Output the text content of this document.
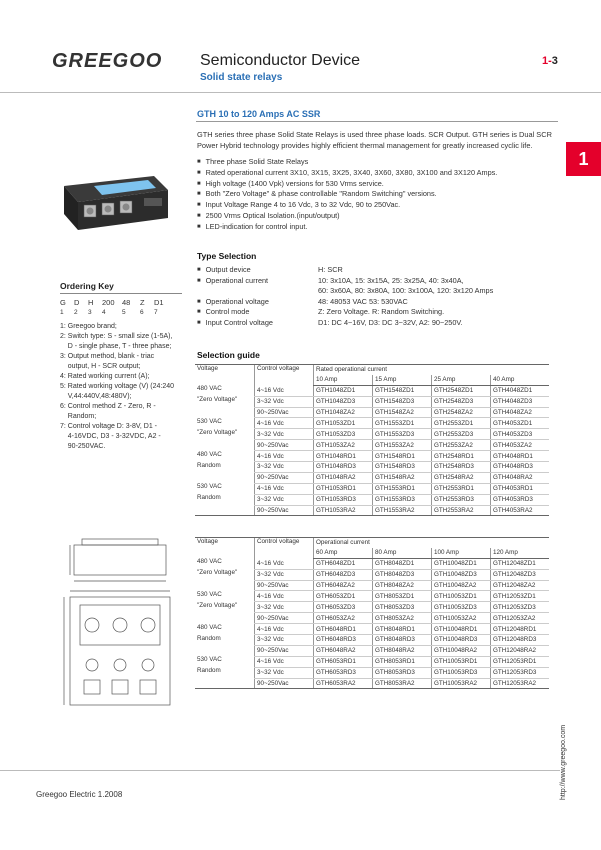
GREEGOO Semiconductor Device
Solid state relays
1-3
1
GTH 10 to 120 Amps AC SSR
GTH series three phase Solid State Relays is used three phase loads. SCR Output. GTH series is Dual SCR Power Hybrid technology provides highly efficient thermal management for greatly increased cyclic life.
■ Three phase Solid State Relays
■ Rated operational current 3X10, 3X15, 3X25, 3X40, 3X60, 3X80, 3X100 and 3X120 Amps.
■ High voltage (1400 Vpk) versions for 530 Vrms service.
■ Both "Zero Voltage" & phase controllable "Random Switching" versions.
■ Input Voltage Range 4 to 16 Vdc, 3 to 32 Vdc, 90 to 250Vac.
■ 2500 Vrms Optical Isolation.(input/output)
■ LED-indication for control input.
Type Selection
■ Output device	H: SCR
■ Operational current	10: 3x10A, 15: 3x15A, 25: 3x25A, 40: 3x40A,
60: 3x60A, 80: 3x80A, 100: 3x100A, 120: 3x120 Amps
■ Operational voltage	48: 48053 VAC 53: 530VAC
■ Control mode	Z: Zero Voltage. R: Random Switching.
■ Input Control voltage	D1: DC 4~16V, D3: DC 3~32V, A2: 90~250V.
Ordering Key
G D H 200 48 Z D1
1 2 3 4	5 6 7
1: Greegoo brand;
2: Switch type: S - small size (1-5A),
D - single phase, T - three phase;
3: Output method, blank - triac
output, H - SCR output;
4: Rated working current (A);
5: Rated working voltage (V) (24:240
V,44:440V,48:480V);
6: Control method Z - Zero, R -
Random;
7: Control voltage D: 3-8V, D1 -
4-16VDC, D3 - 3-32VDC, A2 -
90-250VAC.
Selection guide
Voltage	Control voltage	Rated operational current			
		10 Amp	15 Amp	25 Amp	40 Amp
480 VAC	4~16 Vdc	GTH1048ZD1	GTH1548ZD1	GTH2548ZD1	GTH4048ZD1
"Zero Voltage"	3~32 Vdc	GTH1048ZD3	GTH1548ZD3	GTH2548ZD3	GTH4048ZD3
	90~250Vac	GTH1048ZA2	GTH1548ZA2	GTH2548ZA2	GTH4048ZA2
530 VAC	4~16 Vdc	GTH1053ZD1	GTH1553ZD1	GTH2553ZD1	GTH4053ZD1
"Zero Voltage"	3~32 Vdc	GTH1053ZD3	GTH1553ZD3	GTH2553ZD3	GTH4053ZD3
	90~250Vac	GTH1053ZA2	GTH1553ZA2	GTH2553ZA2	GTH4053ZA2
480 VAC	4~16 Vdc	GTH1048RD1	GTH1548RD1	GTH2548RD1	GTH4048RD1
Random	3~32 Vdc	GTH1048RD3	GTH1548RD3	GTH2548RD3	GTH4048RD3
	90~250Vac	GTH1048RA2	GTH1548RA2	GTH2548RA2	GTH4048RA2
530 VAC	4~16 Vdc	GTH1053RD1	GTH1553RD1	GTH2553RD1	GTH4053RD1
Random	3~32 Vdc	GTH1053RD3	GTH1553RD3	GTH2553RD3	GTH4053RD3
	90~250Vac	GTH1053RA2	GTH1553RA2	GTH2553RA2	GTH4053RA2
Voltage	Control voltage	Operational current			
		60 Amp	80 Amp	100 Amp	120 Amp
480 VAC	4~16 Vdc	GTH6048ZD1	GTH8048ZD1	GTH10048ZD1	GTH12048ZD1
"Zero Voltage"	3~32 Vdc	GTH6048ZD3	GTH8048ZD3	GTH10048ZD3	GTH12048ZD3
	90~250Vac	GTH6048ZA2	GTH8048ZA2	GTH10048ZA2	GTH12048ZA2
530 VAC	4~16 Vdc	GTH6053ZD1	GTH8053ZD1	GTH10053ZD1	GTH12053ZD1
"Zero Voltage"	3~32 Vdc	GTH6053ZD3	GTH8053ZD3	GTH10053ZD3	GTH12053ZD3
	90~250Vac	GTH6053ZA2	GTH8053ZA2	GTH10053ZA2	GTH12053ZA2
480 VAC	4~16 Vdc	GTH6048RD1	GTH8048RD1	GTH10048RD1	GTH12048RD1
Random	3~32 Vdc	GTH6048RD3	GTH8048RD3	GTH10048RD3	GTH12048RD3
	90~250Vac	GTH6048RA2	GTH8048RA2	GTH10048RA2	GTH12048RA2
530 VAC	4~16 Vdc	GTH6053RD1	GTH8053RD1	GTH10053RD1	GTH12053RD1
Random	3~32 Vdc	GTH6053RD3	GTH8053RD3	GTH10053RD3	GTH12053RD3
	90~250Vac	GTH6053RA2	GTH8053RA2	GTH10053RA2	GTH12053RA2
Greegoo Electric 1.2008	http://www.greegoo.com
